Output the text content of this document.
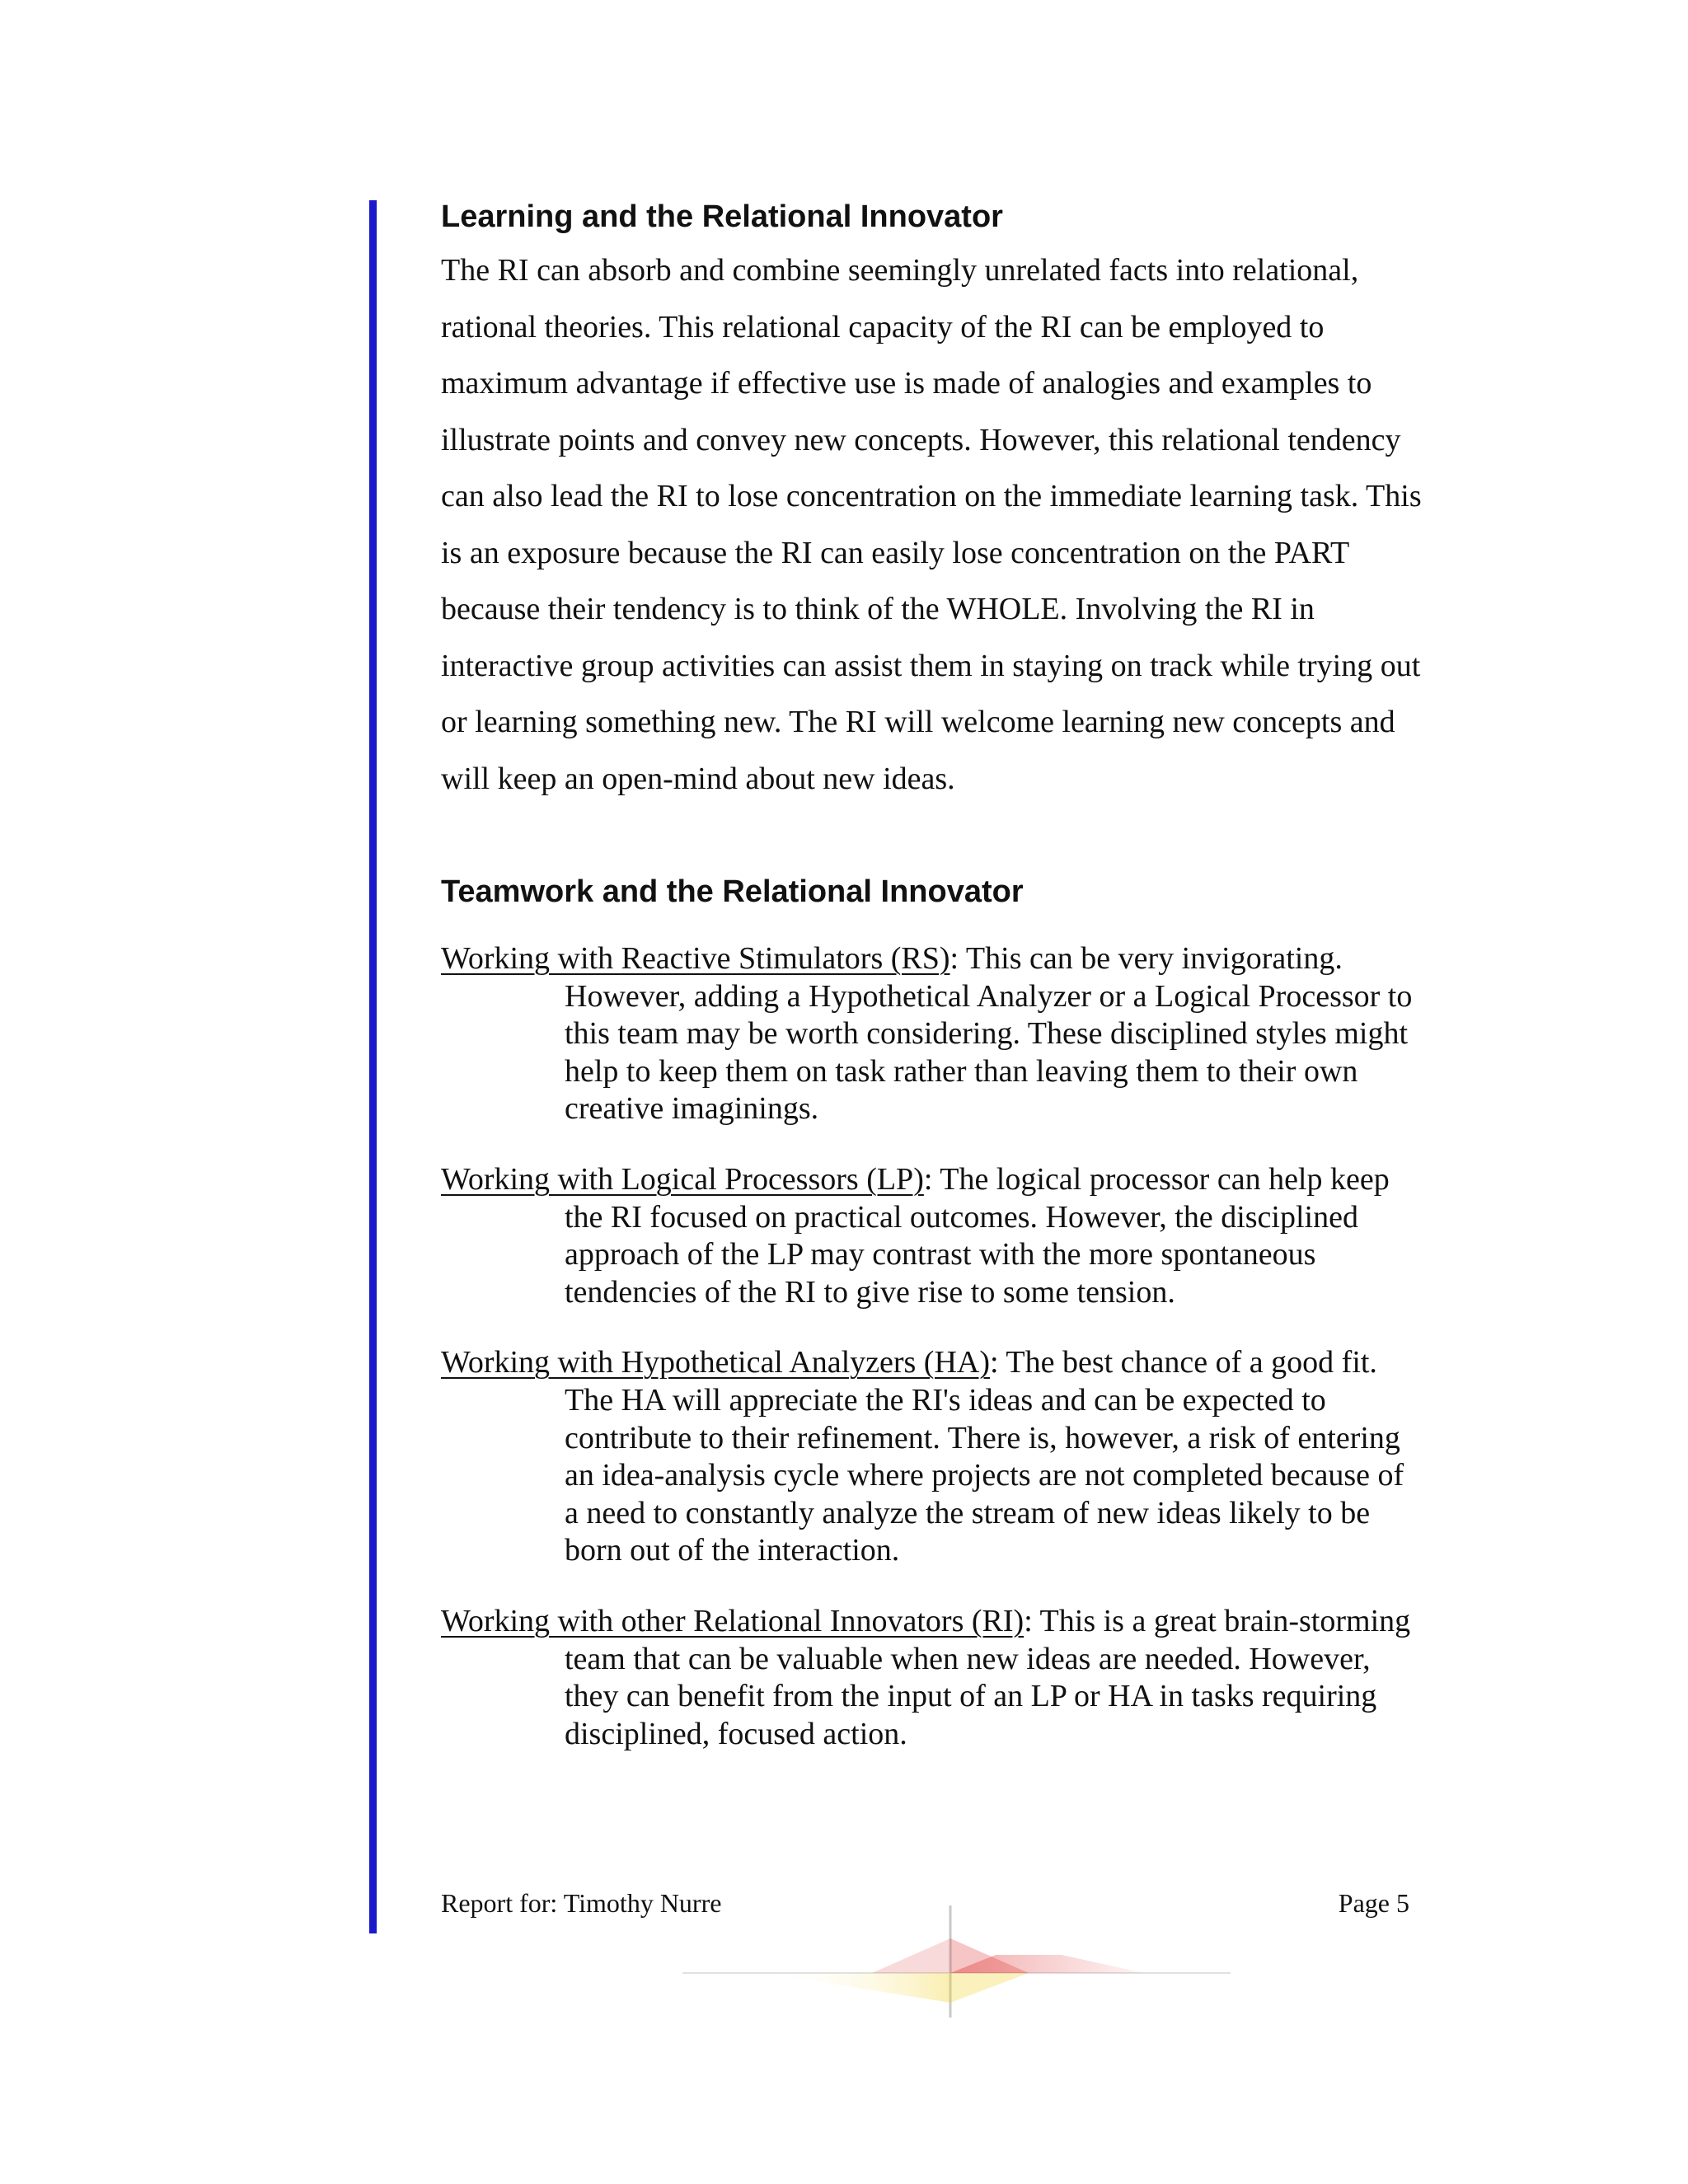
Learning and the Relational Innovator

The RI can absorb and combine seemingly unrelated facts into relational, rational theories. This relational capacity of the RI can be employed to maximum advantage if effective use is made of analogies and examples to illustrate points and convey new concepts. However, this relational tendency can also lead the RI to lose concentration on the immediate learning task. This is an exposure because the RI can easily lose concentration on the PART because their tendency is to think of the WHOLE. Involving the RI in interactive group activities can assist them in staying on track while trying out or learning something new. The RI will welcome learning new concepts and will keep an open-mind about new ideas.

Teamwork and the Relational Innovator

Working with Reactive Stimulators (RS): This can be very invigorating. However, adding a Hypothetical Analyzer or a Logical Processor to this team may be worth considering. These disciplined styles might help to keep them on task rather than leaving them to their own creative imaginings.

Working with Logical Processors (LP): The logical processor can help keep the RI focused on practical outcomes. However, the disciplined approach of the LP may contrast with the more spontaneous tendencies of the RI to give rise to some tension.

Working with Hypothetical Analyzers (HA): The best chance of a good fit. The HA will appreciate the RI's ideas and can be expected to contribute to their refinement. There is, however, a risk of entering an idea-analysis cycle where projects are not completed because of a need to constantly analyze the stream of new ideas likely to be born out of the interaction.

Working with other Relational Innovators (RI): This is a great brain-storming team that can be valuable when new ideas are needed. However, they can benefit from the input of an LP or HA in tasks requiring disciplined, focused action.

Report for: Timothy Nurre	Page 5
